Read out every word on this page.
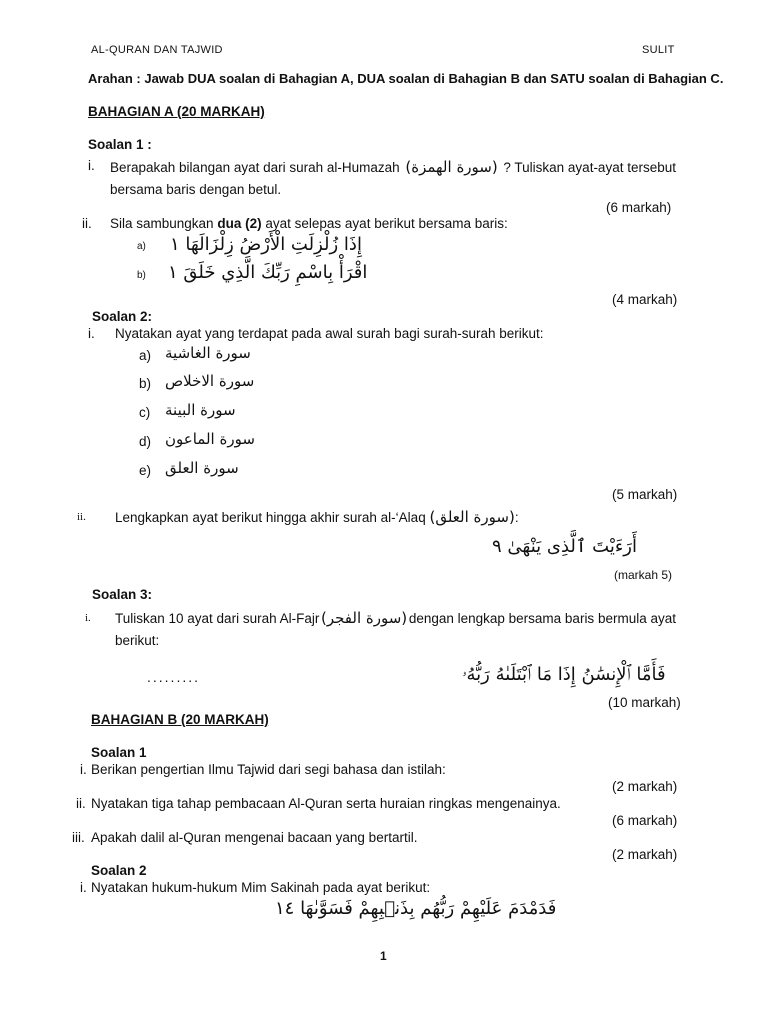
AL-QURAN DAN TAJWID	SULIT
Arahan : Jawab DUA soalan di Bahagian A, DUA soalan di Bahagian B dan SATU soalan di Bahagian C.
BAHAGIAN A (20 MARKAH)
Soalan 1 :
i. Berapakah bilangan ayat dari surah al-Humazah (سورة الهمزة) ? Tuliskan ayat-ayat tersebut
bersama baris dengan betul.
(6 markah)
ii. Sila sambungkan dua (2) ayat selepas ayat berikut bersama baris:
a) إِذَا زُلْزِلَتِ الْأَرْضُ زِلْزَالَهَا ١
b) اقْرَأْ بِاسْمِ رَبِّكَ الَّذِي خَلَقَ ١
(4 markah)
Soalan 2:
i. Nyatakan ayat yang terdapat pada awal surah bagi surah-surah berikut:
a) سورة الغاشية
b) سورة الاخلاص
c) سورة البينة
d) سورة الماعون
e) سورة العلق
(5 markah)
ii. Lengkapkan ayat berikut hingga akhir surah al-‘Alaq (سورة العلق):
أَرَءَيْتَ ٱلَّذِى يَنْهَىٰ ٩
(markah 5)
Soalan 3:
i. Tuliskan 10 ayat dari surah Al-Fajr (سورة الفجر) dengan lengkap bersama baris bermula ayat
berikut:
.........	فَأَمَّا ٱلْإِنسَٰنُ إِذَا مَا ٱبْتَلَىٰهُ رَبُّهُۥ
(10 markah)
BAHAGIAN B (20 MARKAH)
Soalan 1
i. Berikan pengertian Ilmu Tajwid dari segi bahasa dan istilah:
(2 markah)
ii. Nyatakan tiga tahap pembacaan Al-Quran serta huraian ringkas mengenainya.
(6 markah)
iii. Apakah dalil al-Quran mengenai bacaan yang bertartil.
(2 markah)
Soalan 2
i. Nyatakan hukum-hukum Mim Sakinah pada ayat berikut:
فَدَمْدَمَ عَلَيْهِمْ رَبُّهُم بِذَنۢبِهِمْ فَسَوَّىٰهَا ١٤
1
